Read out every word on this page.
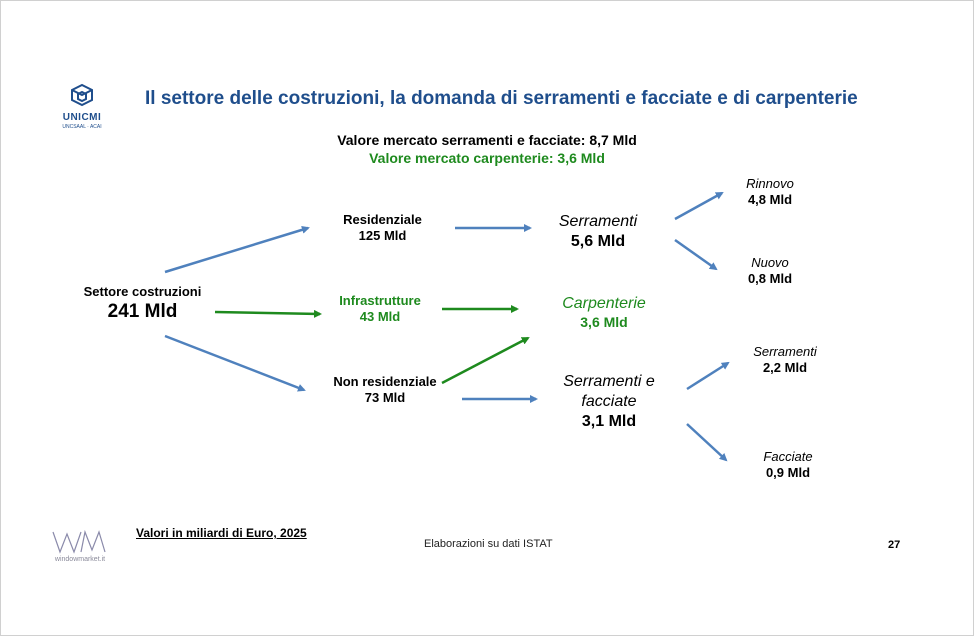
UNICMI
UNCSAAL · ACAI
Il settore delle costruzioni, la domanda di serramenti e facciate e di carpenterie
Valore mercato serramenti e facciate: 8,7 Mld
Valore mercato carpenterie: 3,6 Mld
Settore costruzioni
241 Mld
Residenziale
125 Mld
Infrastrutture
43 Mld
Non residenziale
73 Mld
Serramenti
5,6 Mld
Carpenterie
3,6 Mld
Serramenti e
facciate
3,1 Mld
Rinnovo
4,8 Mld
Nuovo
0,8 Mld
Serramenti
2,2 Mld
Facciate
0,9 Mld
windowmarket.it
Valori in miliardi di Euro, 2025
Elaborazioni su dati ISTAT	27
